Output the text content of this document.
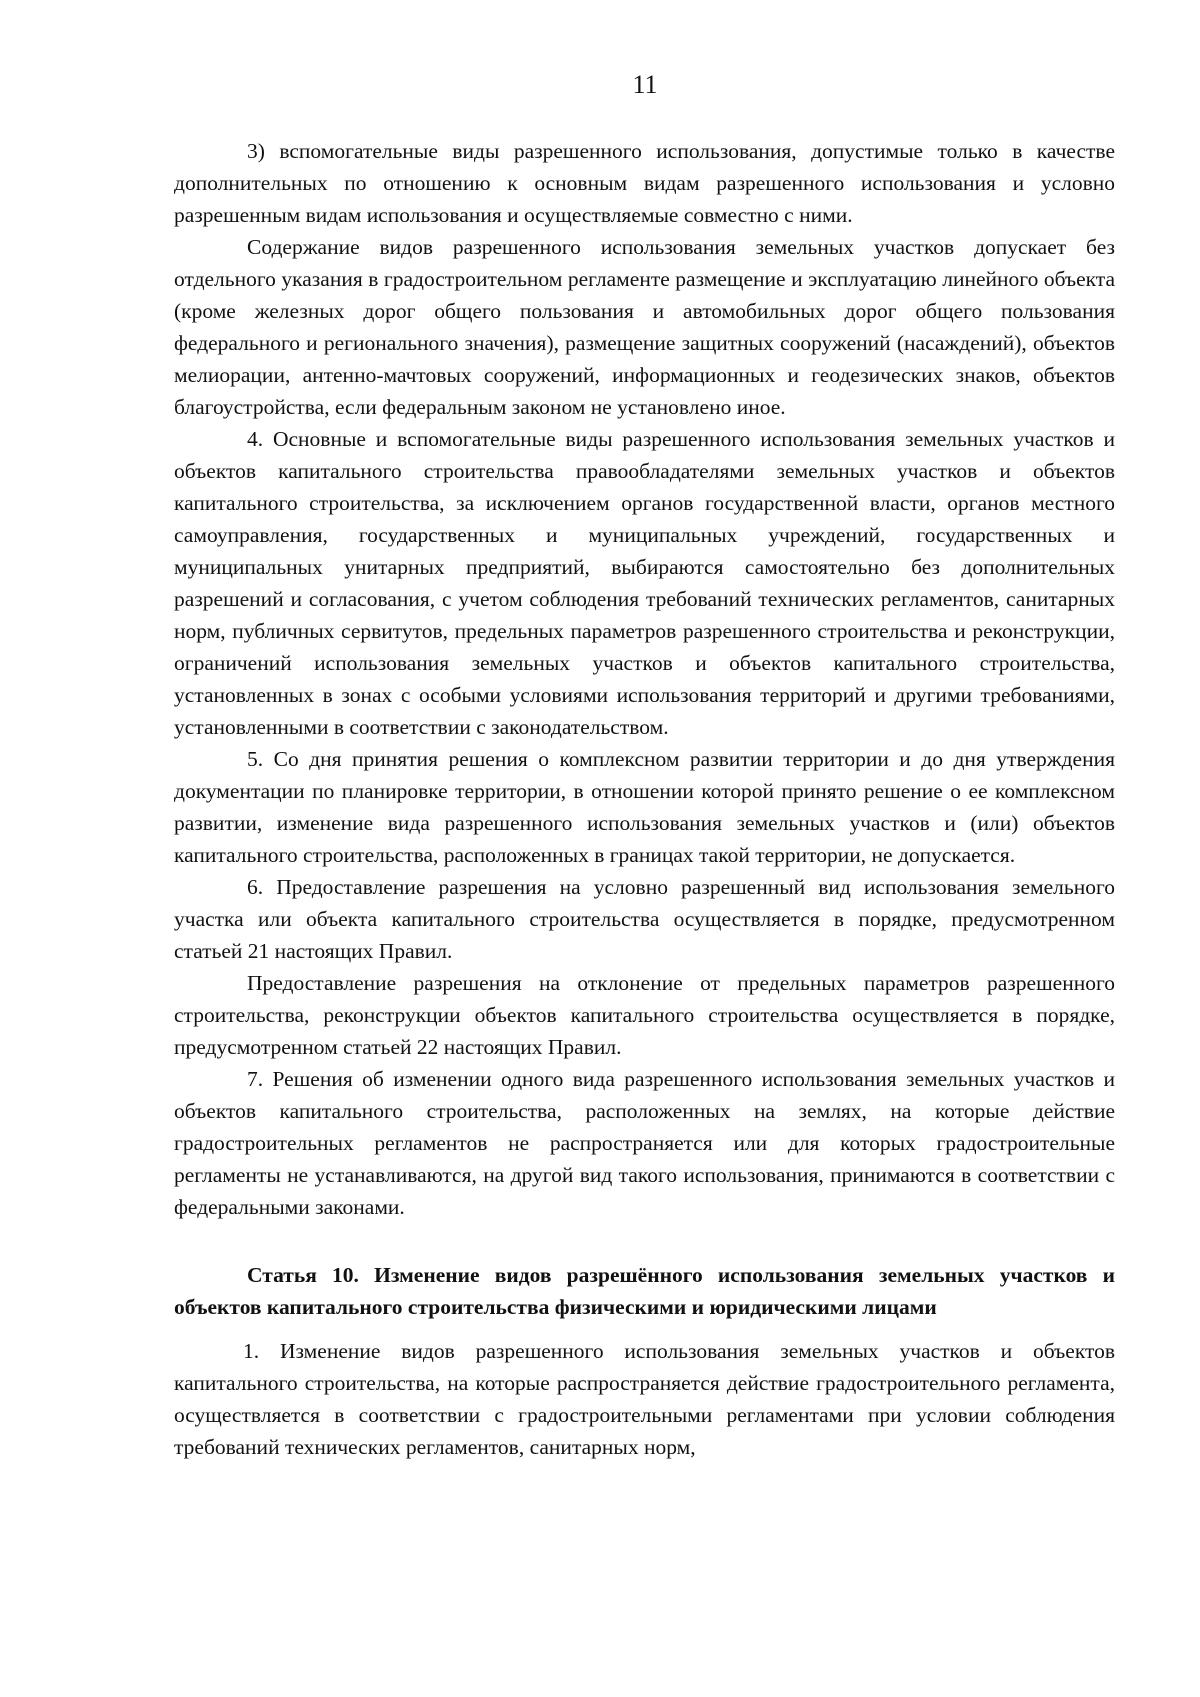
11

3) вспомогательные виды разрешенного использования, допустимые только в качестве дополнительных по отношению к основным видам разрешенного использования и условно разрешенным видам использования и осуществляемые совместно с ними.

Содержание видов разрешенного использования земельных участков допускает без отдельного указания в градостроительном регламенте размещение и эксплуатацию линейного объекта (кроме железных дорог общего пользования и автомобильных дорог общего пользования федерального и регионального значения), размещение защитных сооружений (насаждений), объектов мелиорации, антенно-мачтовых сооружений, информационных и геодезических знаков, объектов благоустройства, если федеральным законом не установлено иное.

4. Основные и вспомогательные виды разрешенного использования земельных участков и объектов капитального строительства правообладателями земельных участков и объектов капитального строительства, за исключением органов государственной власти, органов местного самоуправления, государственных и муниципальных учреждений, государственных и муниципальных унитарных предприятий, выбираются самостоятельно без дополнительных разрешений и согласования, с учетом соблюдения требований технических регламентов, санитарных норм, публичных сервитутов, предельных параметров разрешенного строительства и реконструкции, ограничений использования земельных участков и объектов капитального строительства, установленных в зонах с особыми условиями использования территорий и другими требованиями, установленными в соответствии с законодательством.

5. Со дня принятия решения о комплексном развитии территории и до дня утверждения документации по планировке территории, в отношении которой принято решение о ее комплексном развитии, изменение вида разрешенного использования земельных участков и (или) объектов капитального строительства, расположенных в границах такой территории, не допускается.

6. Предоставление разрешения на условно разрешенный вид использования земельного участка или объекта капитального строительства осуществляется в порядке, предусмотренном статьей 21 настоящих Правил.

Предоставление разрешения на отклонение от предельных параметров разрешенного строительства, реконструкции объектов капитального строительства осуществляется в порядке, предусмотренном статьей 22 настоящих Правил.

7. Решения об изменении одного вида разрешенного использования земельных участков и объектов капитального строительства, расположенных на землях, на которые действие градостроительных регламентов не распространяется или для которых градостроительные регламенты не устанавливаются, на другой вид такого использования, принимаются в соответствии с федеральными законами.

Статья 10. Изменение видов разрешённого использования земельных участков и объектов капитального строительства физическими и юридическими лицами

1. Изменение видов разрешенного использования земельных участков и объектов капитального строительства, на которые распространяется действие градостроительного регламента, осуществляется в соответствии с градостроительными регламентами при условии соблюдения требований технических регламентов, санитарных норм,
